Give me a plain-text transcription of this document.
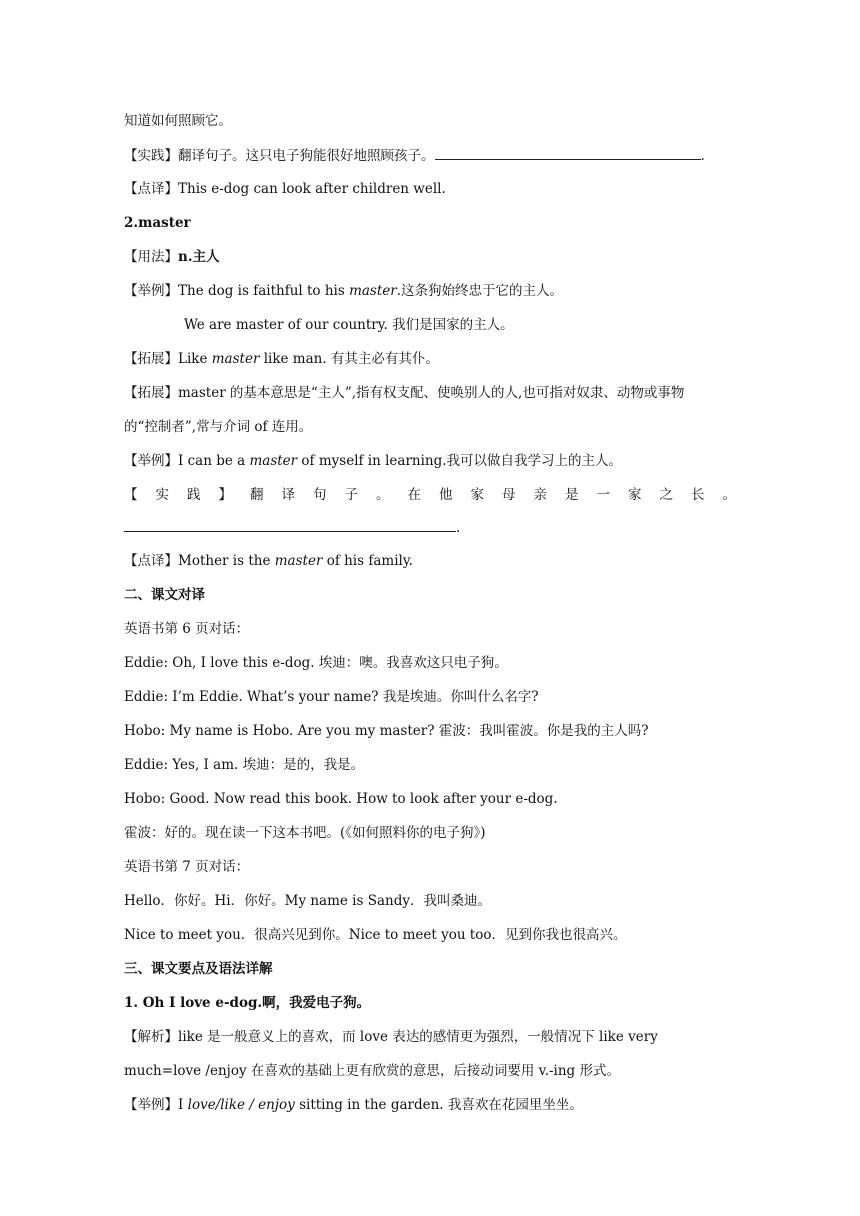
知道如何照顾它。
【实践】翻译句子。这只电子狗能很好地照顾孩子。	.
【点译】This e-dog can look after children well.
2.master
【用法】n.主人
【举例】The dog is faithful to his master.这条狗始终忠于它的主人。
We are master of our country. 我们是国家的主人。
【拓展】Like master like man. 有其主必有其仆。
【拓展】master 的基本意思是“主人”,指有权支配、使唤别人的人,也可指对奴隶、动物或事物
的“控制者”,常与介词 of 连用。
【举例】I can be a master of myself in learning.我可以做自我学习上的主人。
【 实 践 】 翻 译 句 子 。 在 他 家 母 亲 是 一 家 之 长 。
.
【点译】Mother is the master of his family.
二、课文对译
英语书第 6 页对话：
Eddie: Oh, I love this e-dog. 埃迪：噢。我喜欢这只电子狗。
Eddie: I’m Eddie. What’s your name? 我是埃迪。你叫什么名字?
Hobo: My name is Hobo. Are you my master? 霍波：我叫霍波。你是我的主人吗?
Eddie: Yes, I am. 埃迪：是的，我是。
Hobo: Good. Now read this book. How to look after your e-dog.
霍波：好的。现在读一下这本书吧。(《如何照料你的电子狗》)
英语书第 7 页对话：
Hello．你好。Hi．你好。My name is Sandy．我叫桑迪。
Nice to meet you．很高兴见到你。Nice to meet you too．见到你我也很高兴。
三、课文要点及语法详解
1. Oh I love e-dog.啊，我爱电子狗。
【解析】like 是一般意义上的喜欢，而 love 表达的感情更为强烈，一般情况下 like very
much=love /enjoy 在喜欢的基础上更有欣赏的意思，后接动词要用 v.-ing 形式。
【举例】I love/like / enjoy sitting in the garden. 我喜欢在花园里坐坐。
